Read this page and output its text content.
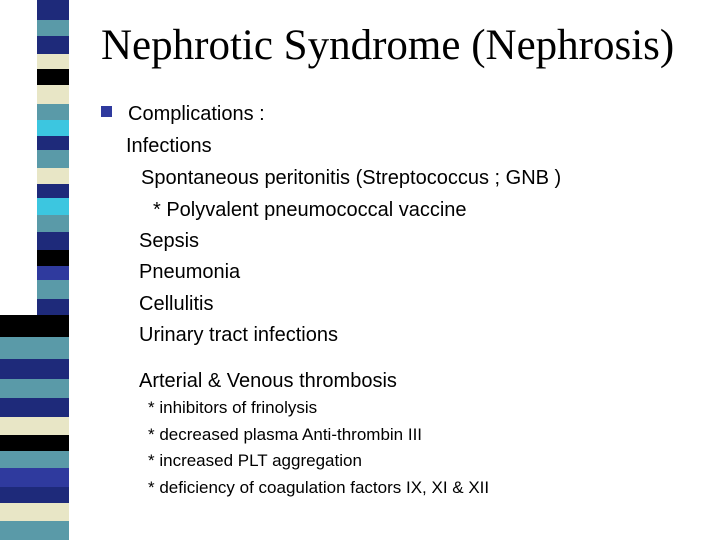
Nephrotic Syndrome (Nephrosis)
Complications :
Infections
Spontaneous peritonitis (Streptococcus ; GNB )
* Polyvalent pneumococcal vaccine
Sepsis
Pneumonia
Cellulitis
Urinary tract infections
Arterial & Venous thrombosis
* inhibitors of frinolysis
* decreased plasma Anti-thrombin III
* increased PLT aggregation
* deficiency of coagulation factors IX, XI & XII
